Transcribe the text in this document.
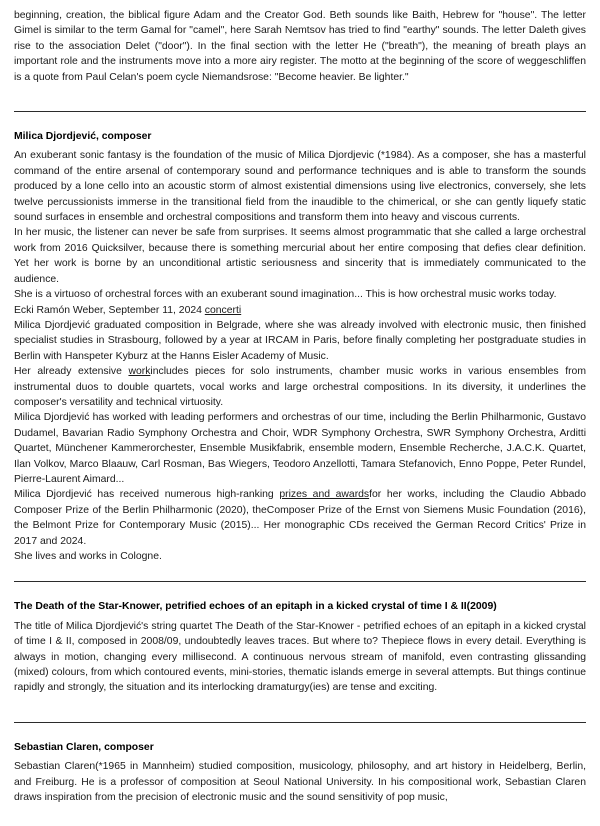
beginning, creation, the biblical figure Adam and the Creator God. Beth sounds like Baith, Hebrew for "house". The letter Gimel is similar to the term Gamal for "camel", here Sarah Nemtsov has tried to find "earthy" sounds. The letter Daleth gives rise to the association Delet ("door"). In the final section with the letter He ("breath"), the meaning of breath plays an important role and the instruments move into a more airy register. The motto at the beginning of the score of weggeschliffen is a quote from Paul Celan's poem cycle Niemandsrose: "Become heavier. Be lighter."

Milica Djordjević, composer

An exuberant sonic fantasy is the foundation of the music of Milica Djordjevic (*1984). As a composer, she has a masterful command of the entire arsenal of contemporary sound and performance techniques and is able to transform the sounds produced by a lone cello into an acoustic storm of almost existential dimensions using live electronics, conversely, she lets twelve percussionists immerse in the transitional field from the inaudible to the chimerical, or she can gently liquefy static sound surfaces in ensemble and orchestral compositions and transform them into heavy and viscous currents.

In her music, the listener can never be safe from surprises. It seems almost programmatic that she called a large orchestral work from 2016 Quicksilver, because there is something mercurial about her entire composing that defies clear definition. Yet her work is borne by an unconditional artistic seriousness and sincerity that is immediately communicated to the audience.

She is a virtuoso of orchestral forces with an exuberant sound imagination... This is how orchestral music works today.

Ecki Ramón Weber, September 11, 2024 concerti

Milica Djordjević graduated composition in Belgrade, where she was already involved with electronic music, then finished specialist studies in Strasbourg, followed by a year at IRCAM in Paris, before finally completing her postgraduate studies in Berlin with Hanspeter Kyburz at the Hanns Eisler Academy of Music.

Her already extensive workincludes pieces for solo instruments, chamber music works in various ensembles from instrumental duos to double quartets, vocal works and large orchestral compositions. In its diversity, it underlines the composer's versatility and technical virtuosity.

Milica Djordjević has worked with leading performers and orchestras of our time, including the Berlin Philharmonic, Gustavo Dudamel, Bavarian Radio Symphony Orchestra and Choir, WDR Symphony Orchestra, SWR Symphony Orchestra, Arditti Quartet, Münchener Kammerorchester, Ensemble Musikfabrik, ensemble modern, Ensemble Recherche, J.A.C.K. Quartet, Ilan Volkov, Marco Blaauw, Carl Rosman, Bas Wiegers, Teodoro Anzellotti, Tamara Stefanovich, Enno Poppe, Peter Rundel, Pierre-Laurent Aimard...

Milica Djordjević has received numerous high-ranking prizes and awardsfor her works, including the Claudio Abbado Composer Prize of the Berlin Philharmonic (2020), theComposer Prize of the Ernst von Siemens Music Foundation (2016), the Belmont Prize for Contemporary Music (2015)... Her monographic CDs received the German Record Critics' Prize in 2017 and 2024.

She lives and works in Cologne.

The Death of the Star-Knower, petrified echoes of an epitaph in a kicked crystal of time I & II(2009)

The title of Milica Djordjević's string quartet The Death of the Star-Knower - petrified echoes of an epitaph in a kicked crystal of time I & II, composed in 2008/09, undoubtedly leaves traces. But where to? Thepiece flows in every detail. Everything is always in motion, changing every millisecond. A continuous nervous stream of manifold, even contrasting glissanding (mixed) colours, from which contoured events, mini-stories, thematic islands emerge in several attempts. But things continue rapidly and strongly, the situation and its interlocking dramaturgy(ies) are tense and exciting.

Sebastian Claren, composer

Sebastian Claren(*1965 in Mannheim) studied composition, musicology, philosophy, and art history in Heidelberg, Berlin, and Freiburg. He is a professor of composition at Seoul National University. In his compositional work, Sebastian Claren draws inspiration from the precision of electronic music and the sound sensitivity of pop music,
